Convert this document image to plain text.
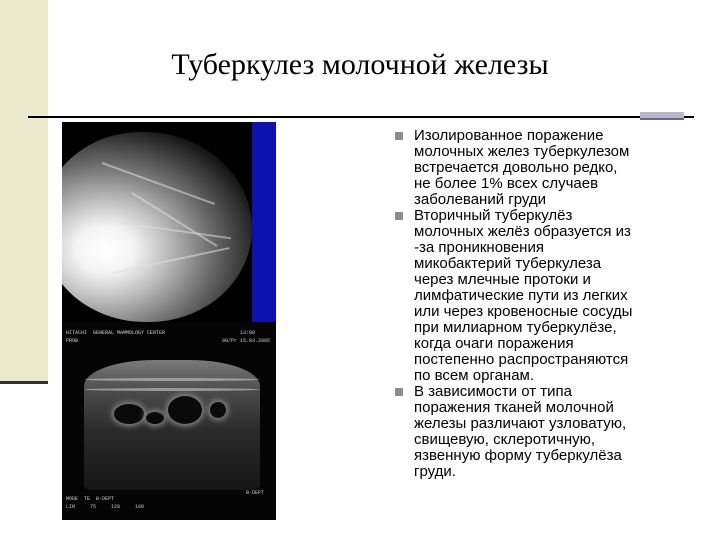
Туберкулез молочной железы
HITACHI  GENERAL MAMMOLOGY CENTER
PROB
13:08
08/Pr 15.03.2005
MODE  TE  B-DEPT
LIN     75     120     100
B-DEPT
Изолированное поражение
молочных желез туберкулезом
встречается довольно редко,
не более 1% всех случаев
заболеваний груди
Вторичный туберкулёз
молочных желёз образуется из
-за проникновения
микобактерий туберкулеза
через млечные протоки и
лимфатические пути из легких
или через кровеносные сосуды
при милиарном туберкулёзе,
когда очаги поражения
постепенно распространяются
по всем органам.
В зависимости от типа
поражения тканей молочной
железы различают узловатую,
свищевую, склеротичную,
язвенную форму туберкулёза
груди.
